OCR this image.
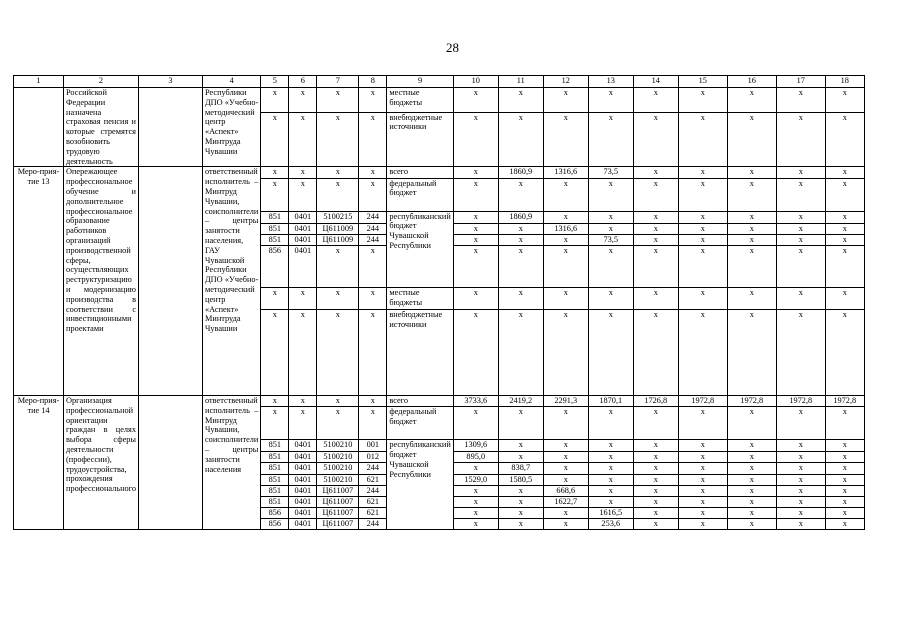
28
1	2	3	4	5	6	7	8	9	10	11	12	13	14	15	16	17	18
	Российской Федерации назначена страховая пенсия и которые стремятся возобновить трудовую деятельность		Республики ДПО «Учебно-методический центр «Аспект» Минтруда Чувашии	x	x	x	x	местные бюджеты	x	x	x	x	x	x	x	x	x
				x	x	x	x	внебюджетные источники	x	x	x	x	x	x	x	x	x
Меро-прия-тие 13	Опережающее профессиональное обучение и дополнительное профессиональное образование работников организаций производственной сферы, осуществляющих реструктуризацию и модернизацию производства в соответствии с инвестиционными проектами		ответственный исполнитель – Минтруд Чувашии, соисполнители – центры занятости населения, ГАУ Чувашской Республики ДПО «Учебно-методический центр «Аспект» Минтруда Чувашии	x	x	x	x	всего	x	1860,9	1316,6	73,5	x	x	x	x	x
				x	x	x	x	федеральный бюджет	x	x	x	x	x	x	x	x	x
				851	0401	5100215	244	республиканский бюджет Чувашской Республики	x	1860,9	x	x	x	x	x	x	x
				851	0401	Ц611009	244		x	x	1316,6	x	x	x	x	x	x
				851	0401	Ц611009	244		x	x	x	73,5	x	x	x	x	x
				856	0401	x	x		x	x	x	x	x	x	x	x	x
				x	x	x	x	местные бюджеты	x	x	x	x	x	x	x	x	x
				x	x	x	x	внебюджетные источники	x	x	x	x	x	x	x	x	x
Меро-прия-тие 14	Организация профессиональной ориентации граждан в целях выбора сферы деятельности (профессии), трудоустройства, прохождения профессионального		ответственный исполнитель – Минтруд Чувашии, соисполнители – центры занятости населения	x	x	x	x	всего	3733,6	2419,2	2291,3	1870,1	1726,8	1972,8	1972,8	1972,8	1972,8
				x	x	x	x	федеральный бюджет	x	x	x	x	x	x	x	x	x
				851	0401	5100210	001	республиканский бюджет Чувашской Республики	1309,6	x	x	x	x	x	x	x	x
				851	0401	5100210	012		895,0	x	x	x	x	x	x	x	x
				851	0401	5100210	244		x	838,7	x	x	x	x	x	x	x
				851	0401	5100210	621		1529,0	1580,5	x	x	x	x	x	x	x
				851	0401	Ц611007	244		x	x	668,6	x	x	x	x	x	x
				851	0401	Ц611007	621		x	x	1622,7	x	x	x	x	x	x
				856	0401	Ц611007	621		x	x	x	1616,5	x	x	x	x	x
				856	0401	Ц611007	244		x	x	x	253,6	x	x	x	x	x
